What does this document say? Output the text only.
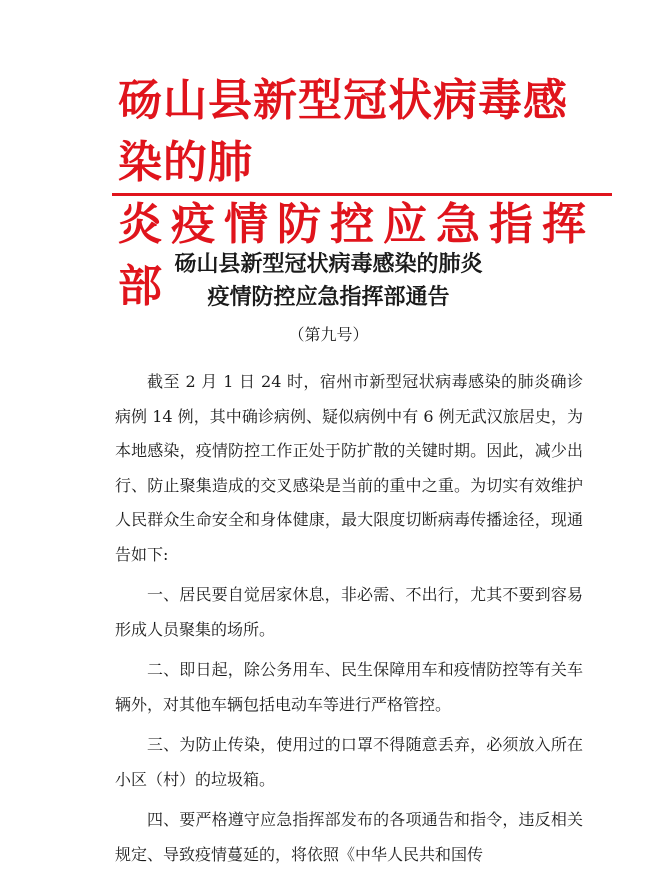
砀山县新型冠状病毒感染的肺
炎疫情防控应急指挥部 砀山县新型冠状病毒感染的肺炎
疫情防控应急指挥部通告
（第九号）

截至 2 月 1 日 24 时，宿州市新型冠状病毒感染的肺炎确诊病例 14 例，其中确诊病例、疑似病例中有 6 例无武汉旅居史，为本地感染，疫情防控工作正处于防扩散的关键时期。因此，减少出行、防止聚集造成的交叉感染是当前的重中之重。为切实有效维护人民群众生命安全和身体健康，最大限度切断病毒传播途径，现通告如下:

一、居民要自觉居家休息，非必需、不出行，尤其不要到容易形成人员聚集的场所。

二、即日起，除公务用车、民生保障用车和疫情防控等有关车辆外，对其他车辆包括电动车等进行严格管控。

三、为防止传染，使用过的口罩不得随意丢弃，必须放入所在小区（村）的垃圾箱。

四、要严格遵守应急指挥部发布的各项通告和指令，违反相关规定、导致疫情蔓延的，将依照《中华人民共和国传
